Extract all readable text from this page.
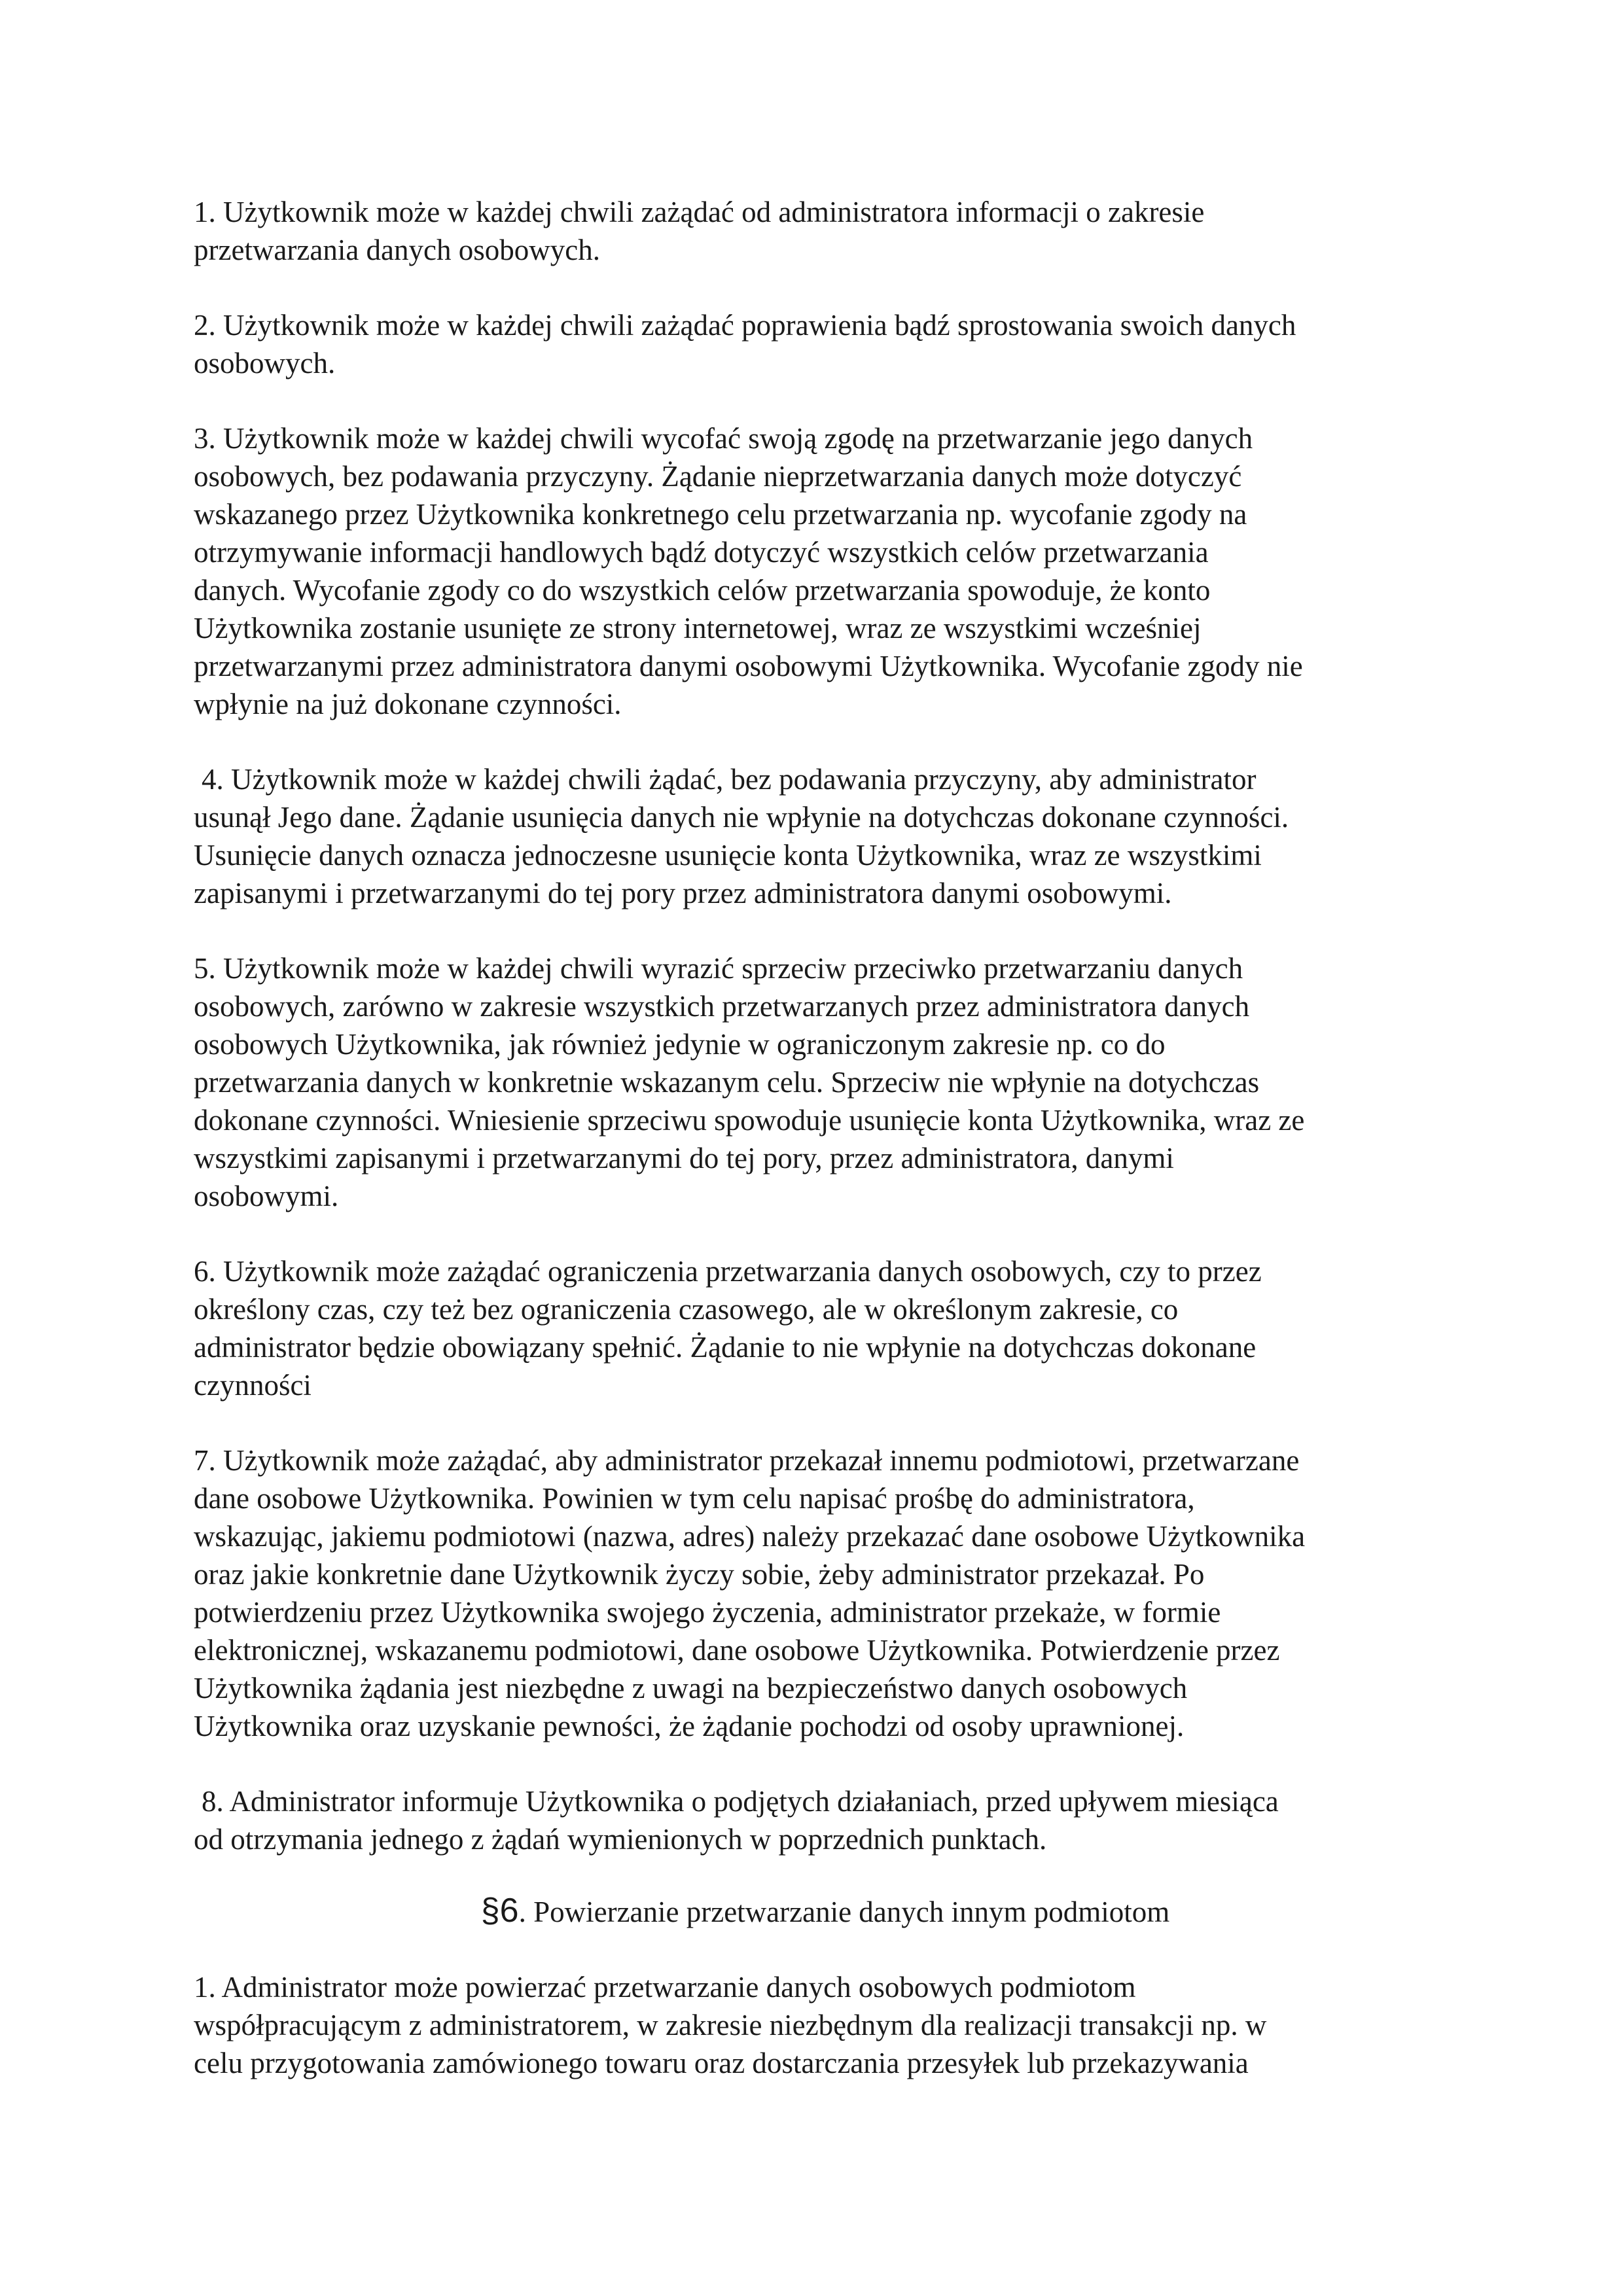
1. Użytkownik może w każdej chwili zażądać od administratora informacji o zakresie
przetwarzania danych osobowych.

2. Użytkownik może w każdej chwili zażądać poprawienia bądź sprostowania swoich danych
osobowych.

3. Użytkownik może w każdej chwili wycofać swoją zgodę na przetwarzanie jego danych
osobowych, bez podawania przyczyny. Żądanie nieprzetwarzania danych może dotyczyć
wskazanego przez Użytkownika konkretnego celu przetwarzania np. wycofanie zgody na
otrzymywanie informacji handlowych bądź dotyczyć wszystkich celów przetwarzania
danych. Wycofanie zgody co do wszystkich celów przetwarzania spowoduje, że konto
Użytkownika zostanie usunięte ze strony internetowej, wraz ze wszystkimi wcześniej
przetwarzanymi przez administratora danymi osobowymi Użytkownika. Wycofanie zgody nie
wpłynie na już dokonane czynności.

4. Użytkownik może w każdej chwili żądać, bez podawania przyczyny, aby administrator
usunął Jego dane. Żądanie usunięcia danych nie wpłynie na dotychczas dokonane czynności.
Usunięcie danych oznacza jednoczesne usunięcie konta Użytkownika, wraz ze wszystkimi
zapisanymi i przetwarzanymi do tej pory przez administratora danymi osobowymi.

5. Użytkownik może w każdej chwili wyrazić sprzeciw przeciwko przetwarzaniu danych
osobowych, zarówno w zakresie wszystkich przetwarzanych przez administratora danych
osobowych Użytkownika, jak również jedynie w ograniczonym zakresie np. co do
przetwarzania danych w konkretnie wskazanym celu. Sprzeciw nie wpłynie na dotychczas
dokonane czynności. Wniesienie sprzeciwu spowoduje usunięcie konta Użytkownika, wraz ze
wszystkimi zapisanymi i przetwarzanymi do tej pory, przez administratora, danymi
osobowymi.

6. Użytkownik może zażądać ograniczenia przetwarzania danych osobowych, czy to przez
określony czas, czy też bez ograniczenia czasowego, ale w określonym zakresie, co
administrator będzie obowiązany spełnić. Żądanie to nie wpłynie na dotychczas dokonane
czynności

7. Użytkownik może zażądać, aby administrator przekazał innemu podmiotowi, przetwarzane
dane osobowe Użytkownika. Powinien w tym celu napisać prośbę do administratora,
wskazując, jakiemu podmiotowi (nazwa, adres) należy przekazać dane osobowe Użytkownika
oraz jakie konkretnie dane Użytkownik życzy sobie, żeby administrator przekazał. Po
potwierdzeniu przez Użytkownika swojego życzenia, administrator przekaże, w formie
elektronicznej, wskazanemu podmiotowi, dane osobowe Użytkownika. Potwierdzenie przez
Użytkownika żądania jest niezbędne z uwagi na bezpieczeństwo danych osobowych
Użytkownika oraz uzyskanie pewności, że żądanie pochodzi od osoby uprawnionej.

8. Administrator informuje Użytkownika o podjętych działaniach, przed upływem miesiąca
od otrzymania jednego z żądań wymienionych w poprzednich punktach.

§6. Powierzanie przetwarzanie danych innym podmiotom

1. Administrator może powierzać przetwarzanie danych osobowych podmiotom
współpracującym z administratorem, w zakresie niezbędnym dla realizacji transakcji np. w
celu przygotowania zamówionego towaru oraz dostarczania przesyłek lub przekazywania
